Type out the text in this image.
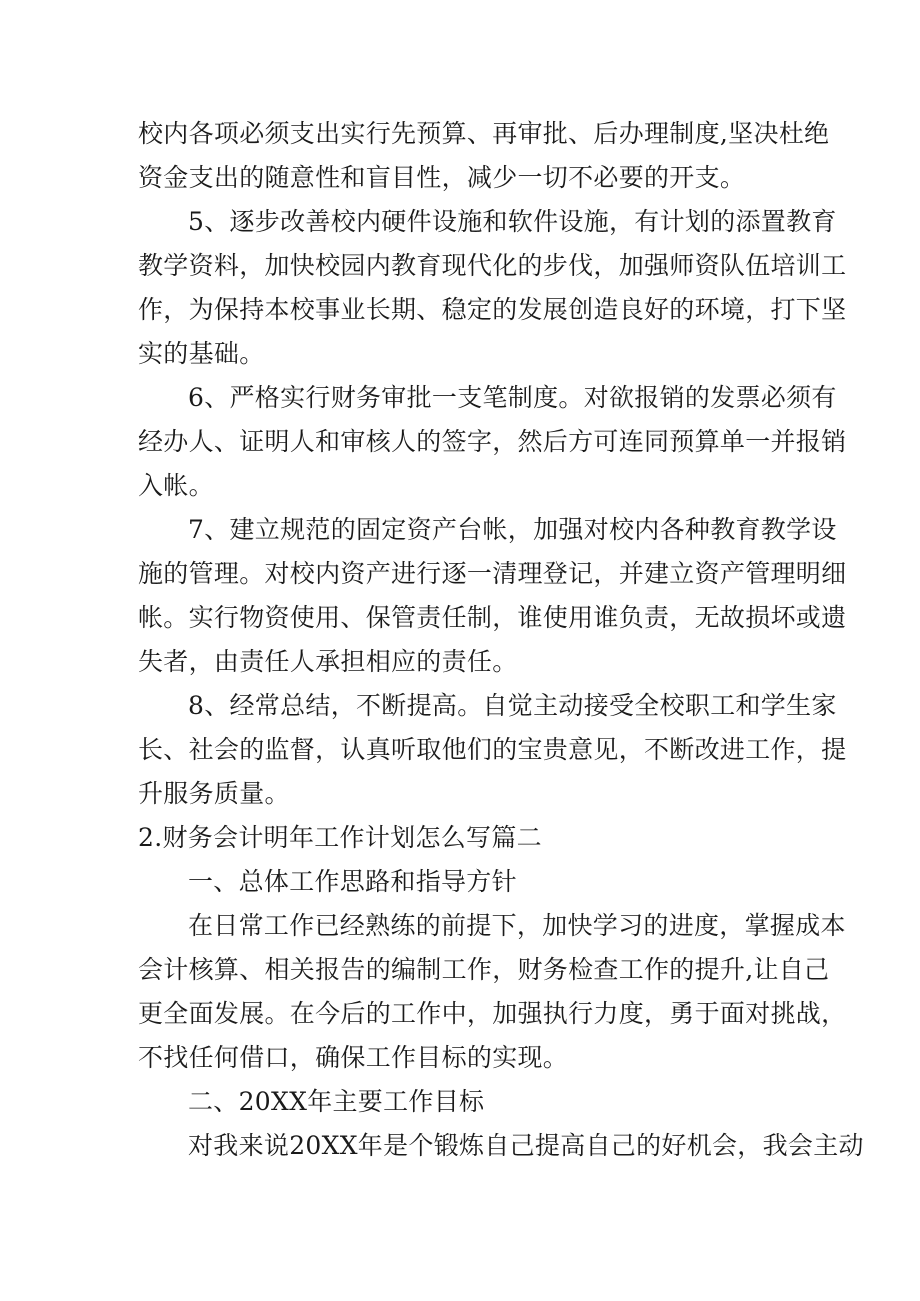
校内各项必须支出实行先预算、再审批、后办理制度,坚决杜绝
资金支出的随意性和盲目性，减少一切不必要的开支。
5、逐步改善校内硬件设施和软件设施，有计划的添置教育
教学资料，加快校园内教育现代化的步伐，加强师资队伍培训工
作，为保持本校事业长期、稳定的发展创造良好的环境，打下坚
实的基础。
6、严格实行财务审批一支笔制度。对欲报销的发票必须有
经办人、证明人和审核人的签字，然后方可连同预算单一并报销
入帐。
7、建立规范的固定资产台帐，加强对校内各种教育教学设
施的管理。对校内资产进行逐一清理登记，并建立资产管理明细
帐。实行物资使用、保管责任制，谁使用谁负责，无故损坏或遗
失者，由责任人承担相应的责任。
8、经常总结，不断提高。自觉主动接受全校职工和学生家
长、社会的监督，认真听取他们的宝贵意见，不断改进工作，提
升服务质量。
2.财务会计明年工作计划怎么写篇二
一、总体工作思路和指导方针
在日常工作已经熟练的前提下，加快学习的进度，掌握成本
会计核算、相关报告的编制工作，财务检查工作的提升,让自己
更全面发展。在今后的工作中，加强执行力度，勇于面对挑战，
不找任何借口，确保工作目标的实现。
二、20XX年主要工作目标
对我来说20XX年是个锻炼自己提高自己的好机会，我会主动
